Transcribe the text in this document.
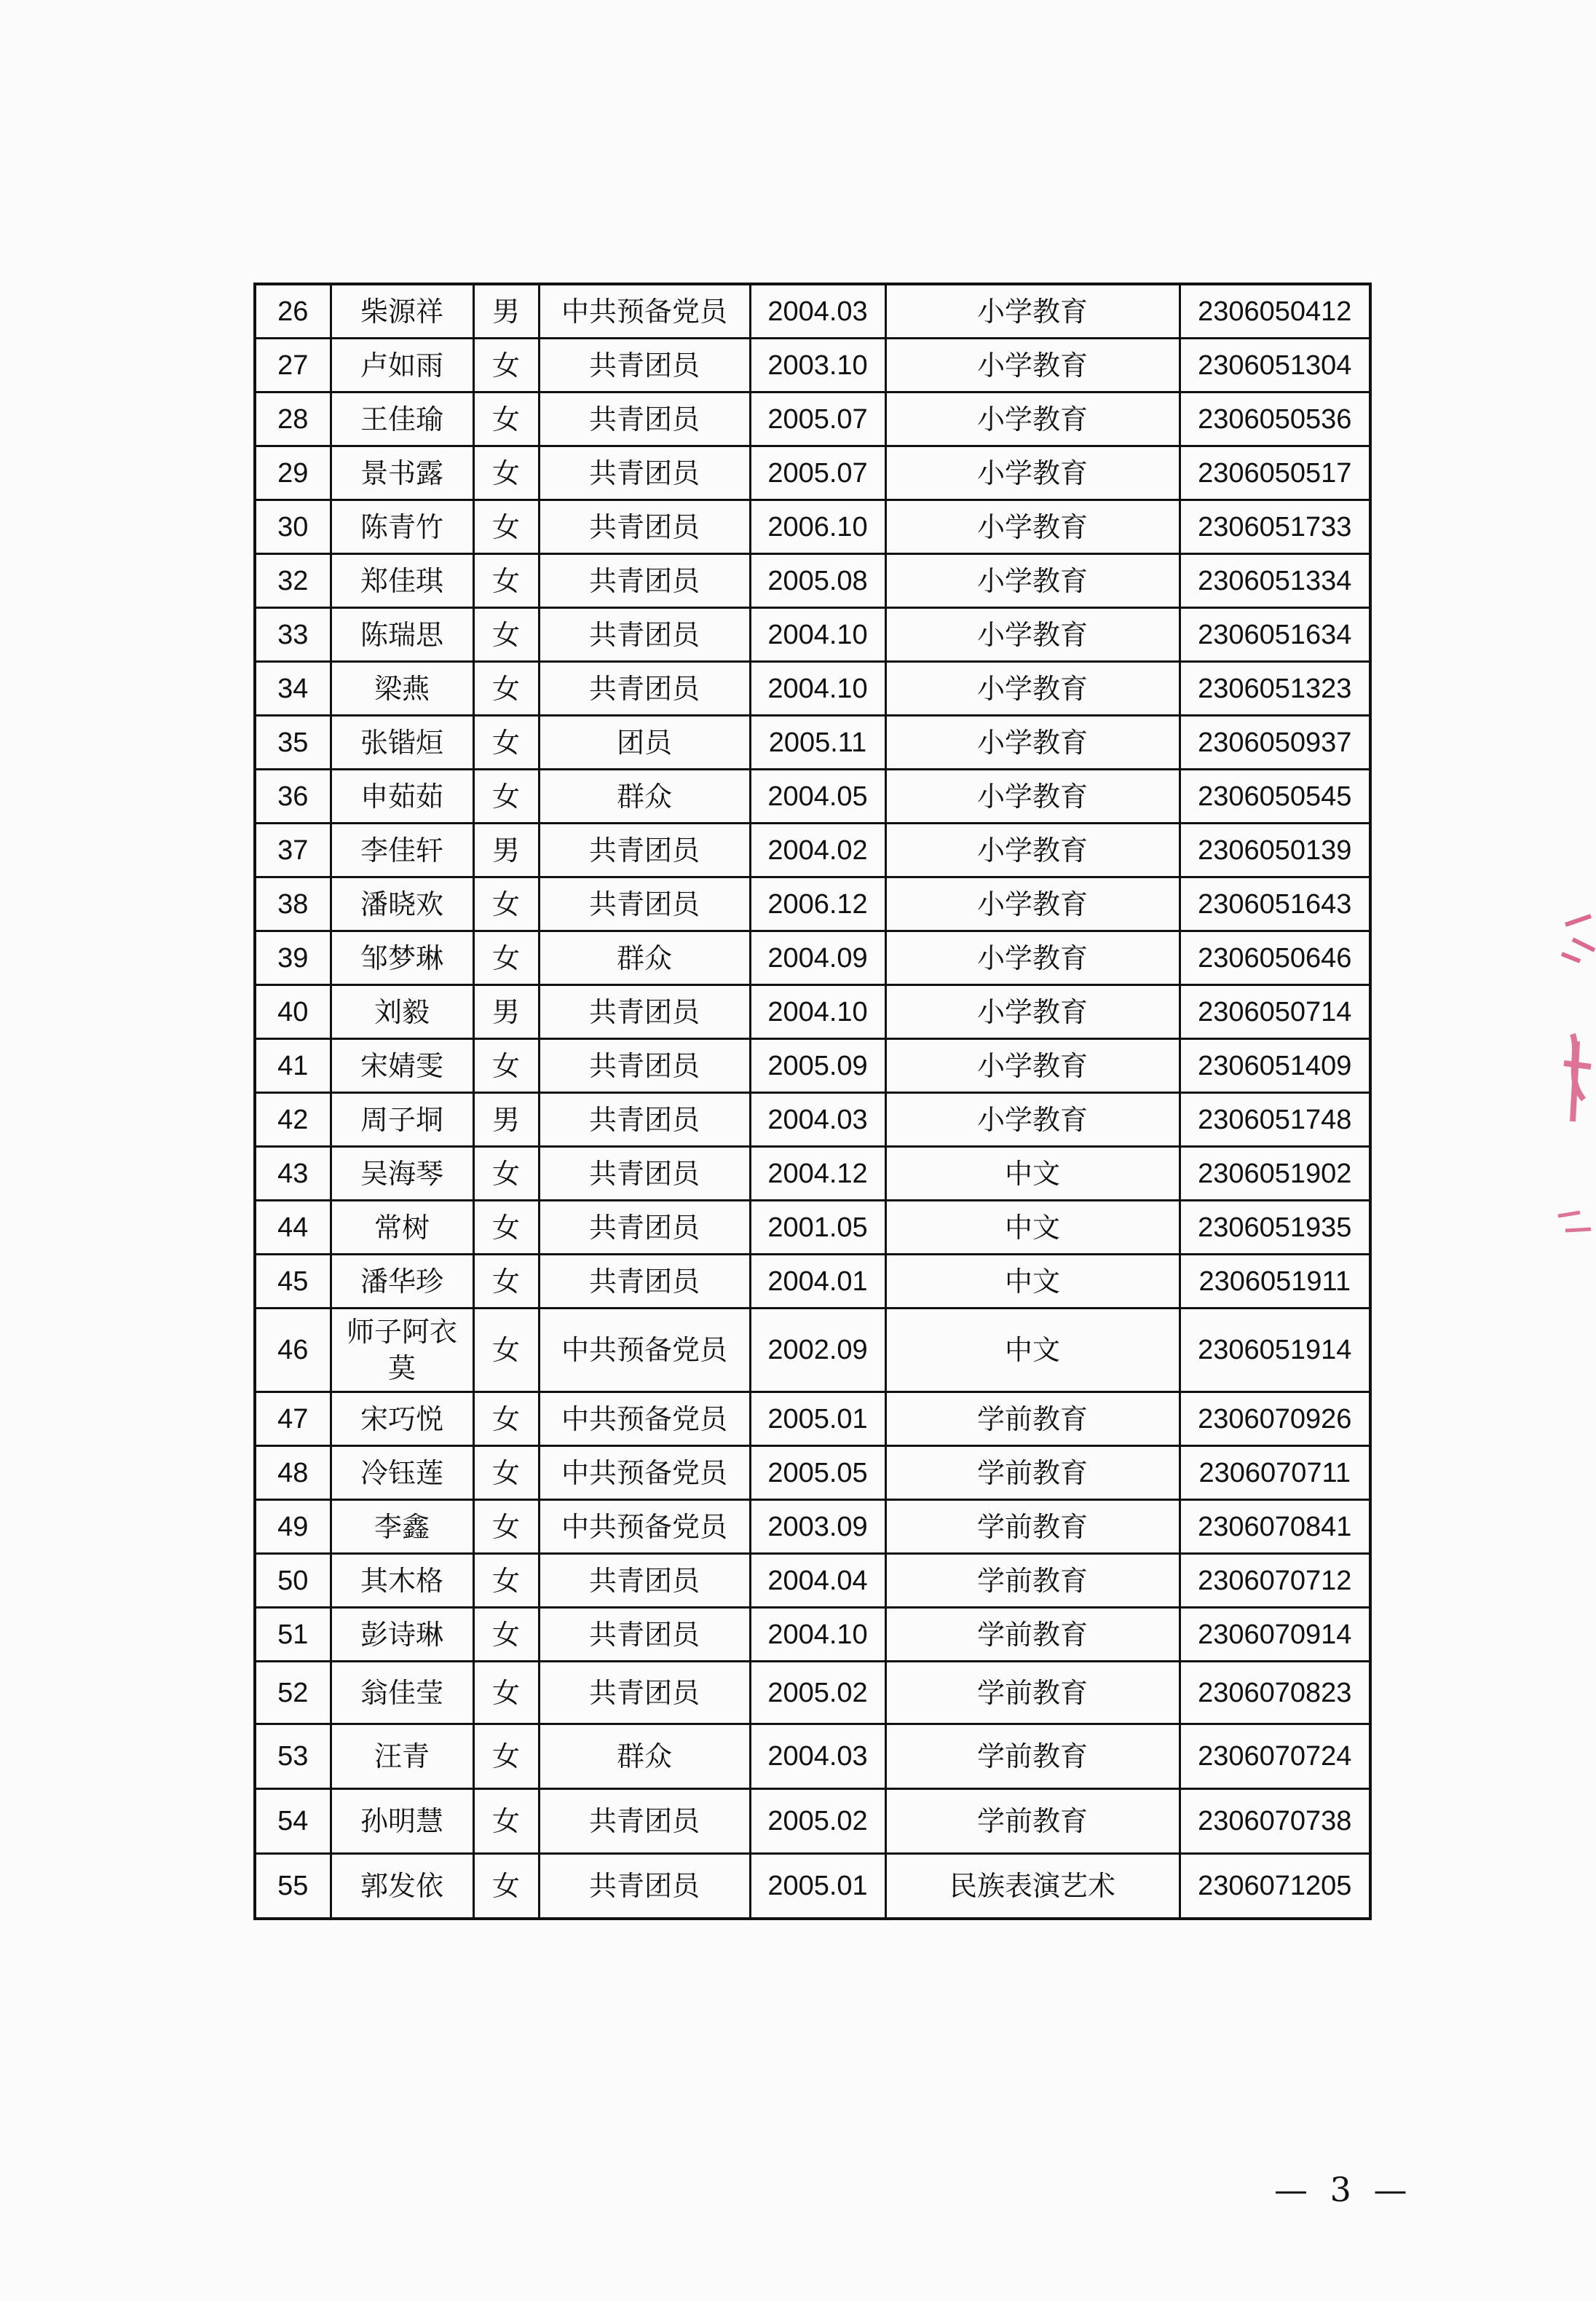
26	柴源祥	男	中共预备党员	2004.03	小学教育	2306050412
27	卢如雨	女	共青团员	2003.10	小学教育	2306051304
28	王佳瑜	女	共青团员	2005.07	小学教育	2306050536
29	景书露	女	共青团员	2005.07	小学教育	2306050517
30	陈青竹	女	共青团员	2006.10	小学教育	2306051733
32	郑佳琪	女	共青团员	2005.08	小学教育	2306051334
33	陈瑞思	女	共青团员	2004.10	小学教育	2306051634
34	梁燕	女	共青团员	2004.10	小学教育	2306051323
35	张锴烜	女	团员	2005.11	小学教育	2306050937
36	申茹茹	女	群众	2004.05	小学教育	2306050545
37	李佳轩	男	共青团员	2004.02	小学教育	2306050139
38	潘晓欢	女	共青团员	2006.12	小学教育	2306051643
39	邹梦琳	女	群众	2004.09	小学教育	2306050646
40	刘毅	男	共青团员	2004.10	小学教育	2306050714
41	宋婧雯	女	共青团员	2005.09	小学教育	2306051409
42	周子垌	男	共青团员	2004.03	小学教育	2306051748
43	吴海琴	女	共青团员	2004.12	中文	2306051902
44	常树	女	共青团员	2001.05	中文	2306051935
45	潘华珍	女	共青团员	2004.01	中文	2306051911
46	师子阿衣莫	女	中共预备党员	2002.09	中文	2306051914
47	宋巧悦	女	中共预备党员	2005.01	学前教育	2306070926
48	冷钰莲	女	中共预备党员	2005.05	学前教育	2306070711
49	李鑫	女	中共预备党员	2003.09	学前教育	2306070841
50	其木格	女	共青团员	2004.04	学前教育	2306070712
51	彭诗琳	女	共青团员	2004.10	学前教育	2306070914
52	翁佳莹	女	共青团员	2005.02	学前教育	2306070823
53	汪青	女	群众	2004.03	学前教育	2306070724
54	孙明慧	女	共青团员	2005.02	学前教育	2306070738
55	郭发依	女	共青团员	2005.01	民族表演艺术	2306071205
— 3 —
